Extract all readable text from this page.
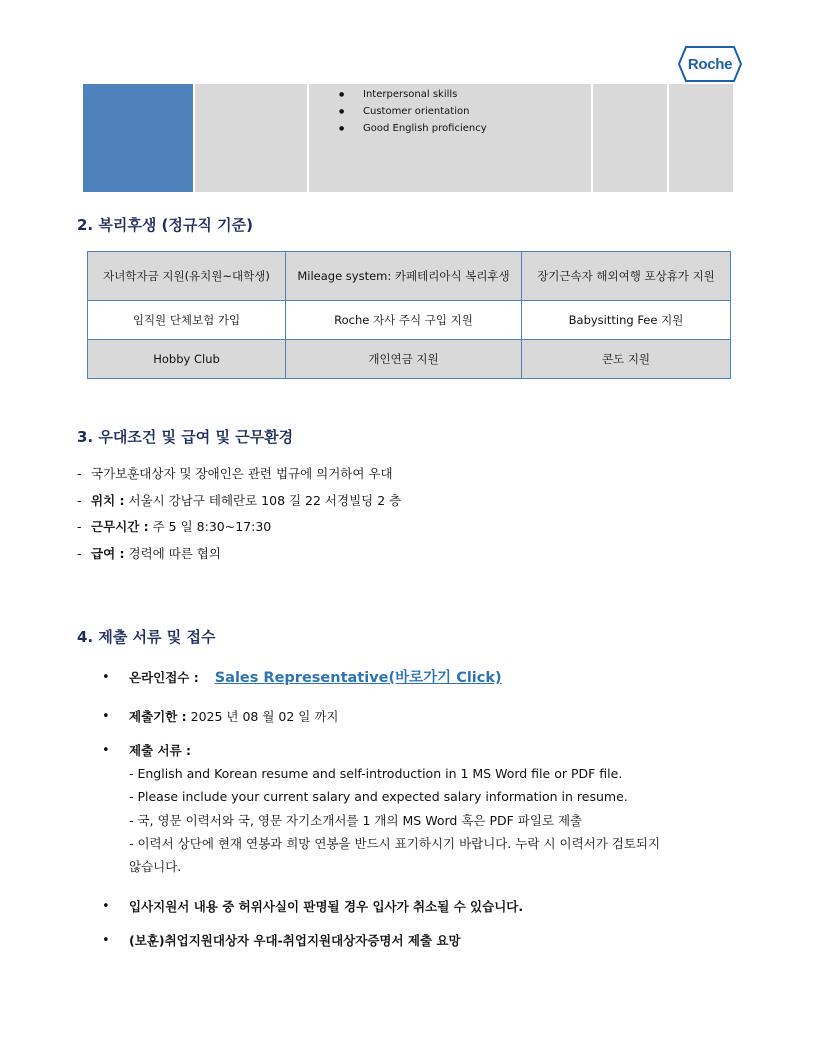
Roche
● Interpersonal skills
● Customer orientation
● Good English proficiency
2. 복리후생 (정규직 기준)
자녀학자금 지원(유치원~대학생)	Mileage system: 카페테리아식 복리후생	장기근속자 해외여행 포상휴가 지원
임직원 단체보험 가입	Roche 자사 주식 구입 지원	Babysitting Fee 지원
Hobby Club	개인연금 지원	콘도 지원
3. 우대조건 및 급여 및 근무환경
- 국가보훈대상자 및 장애인은 관련 법규에 의거하여 우대
- 위치 : 서울시 강남구 테헤란로 108 길 22 서경빌딩 2 층
- 근무시간 : 주 5 일 8:30~17:30
- 급여 : 경력에 따른 협의
4. 제출 서류 및 접수
• 온라인접수 : Sales Representative(바로가기 Click)
• 제출기한 : 2025 년 08 월 02 일 까지
• 제출 서류 :
- English and Korean resume and self-introduction in 1 MS Word file or PDF file.
- Please include your current salary and expected salary information in resume.
- 국, 영문 이력서와 국, 영문 자기소개서를 1 개의 MS Word 혹은 PDF 파일로 제출
- 이력서 상단에 현재 연봉과 희망 연봉을 반드시 표기하시기 바랍니다. 누락 시 이력서가 검토되지
않습니다.
• 입사지원서 내용 중 허위사실이 판명될 경우 입사가 취소될 수 있습니다.
• (보훈)취업지원대상자 우대-취업지원대상자증명서 제출 요망
